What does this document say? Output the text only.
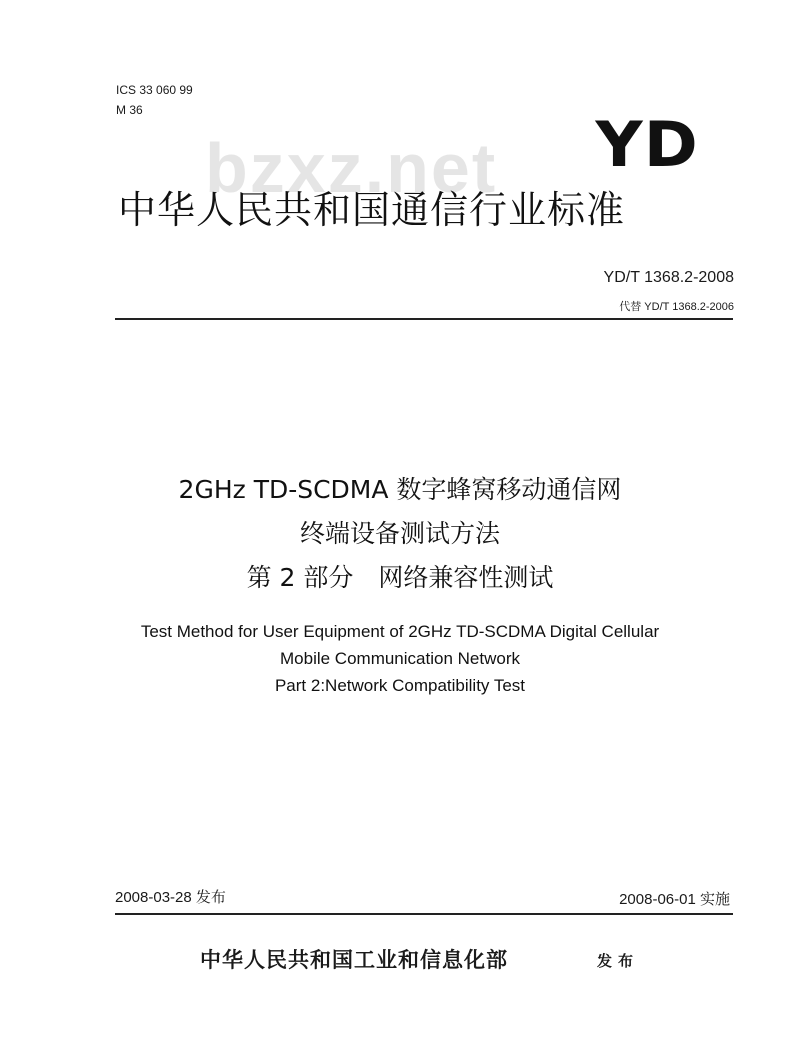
ICS 33 060 99
M 36
bzxz.net YD
中华人民共和国通信行业标准
YD/T 1368.2-2008
代替 YD/T 1368.2-2006
2GHz TD-SCDMA 数字蜂窝移动通信网
终端设备测试方法
第 2 部分　网络兼容性测试
Test Method for User Equipment of 2GHz TD-SCDMA Digital Cellular
Mobile Communication Network
Part 2:Network Compatibility Test
2008-03-28 发布	2008-06-01 实施
中华人民共和国工业和信息化部	发布
